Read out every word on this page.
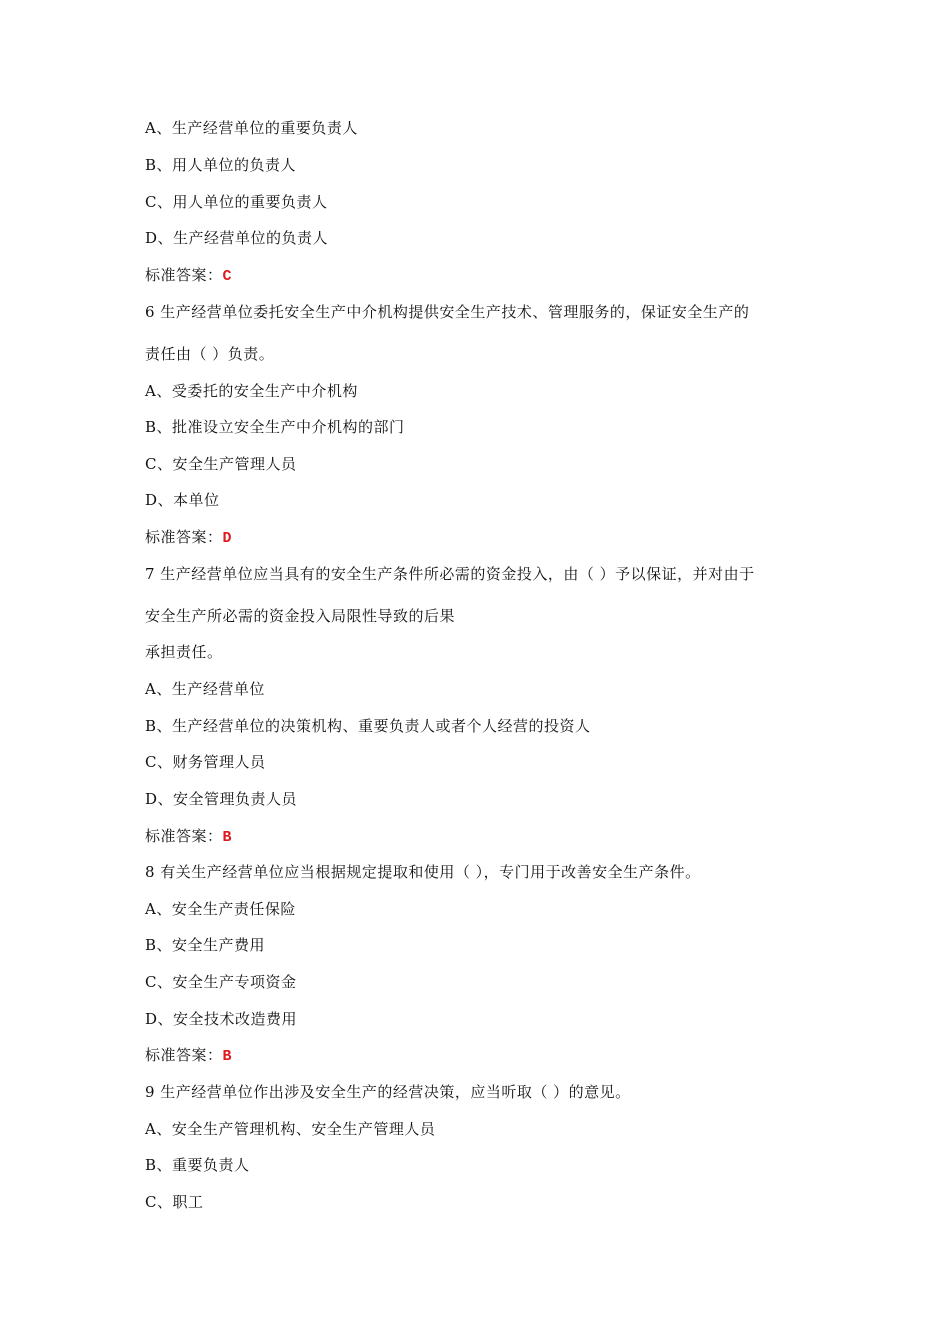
A、生产经营单位的重要负责人
B、用人单位的负责人
C、用人单位的重要负责人
D、生产经营单位的负责人
标准答案：C
6 生产经营单位委托安全生产中介机构提供安全生产技术、管理服务的，保证安全生产的
责任由（ ）负责。
A、受委托的安全生产中介机构
B、批准设立安全生产中介机构的部门
C、安全生产管理人员
D、本单位
标准答案：D
7 生产经营单位应当具有的安全生产条件所必需的资金投入，由（ ）予以保证，并对由于
安全生产所必需的资金投入局限性导致的后果
承担责任。
A、生产经营单位
B、生产经营单位的决策机构、重要负责人或者个人经营的投资人
C、财务管理人员
D、安全管理负责人员
标准答案：B
8 有关生产经营单位应当根据规定提取和使用（ ），专门用于改善安全生产条件。
A、安全生产责任保险
B、安全生产费用
C、安全生产专项资金
D、安全技术改造费用
标准答案：B
9 生产经营单位作出涉及安全生产的经营决策，应当听取（ ）的意见。
A、安全生产管理机构、安全生产管理人员
B、重要负责人
C、职工
